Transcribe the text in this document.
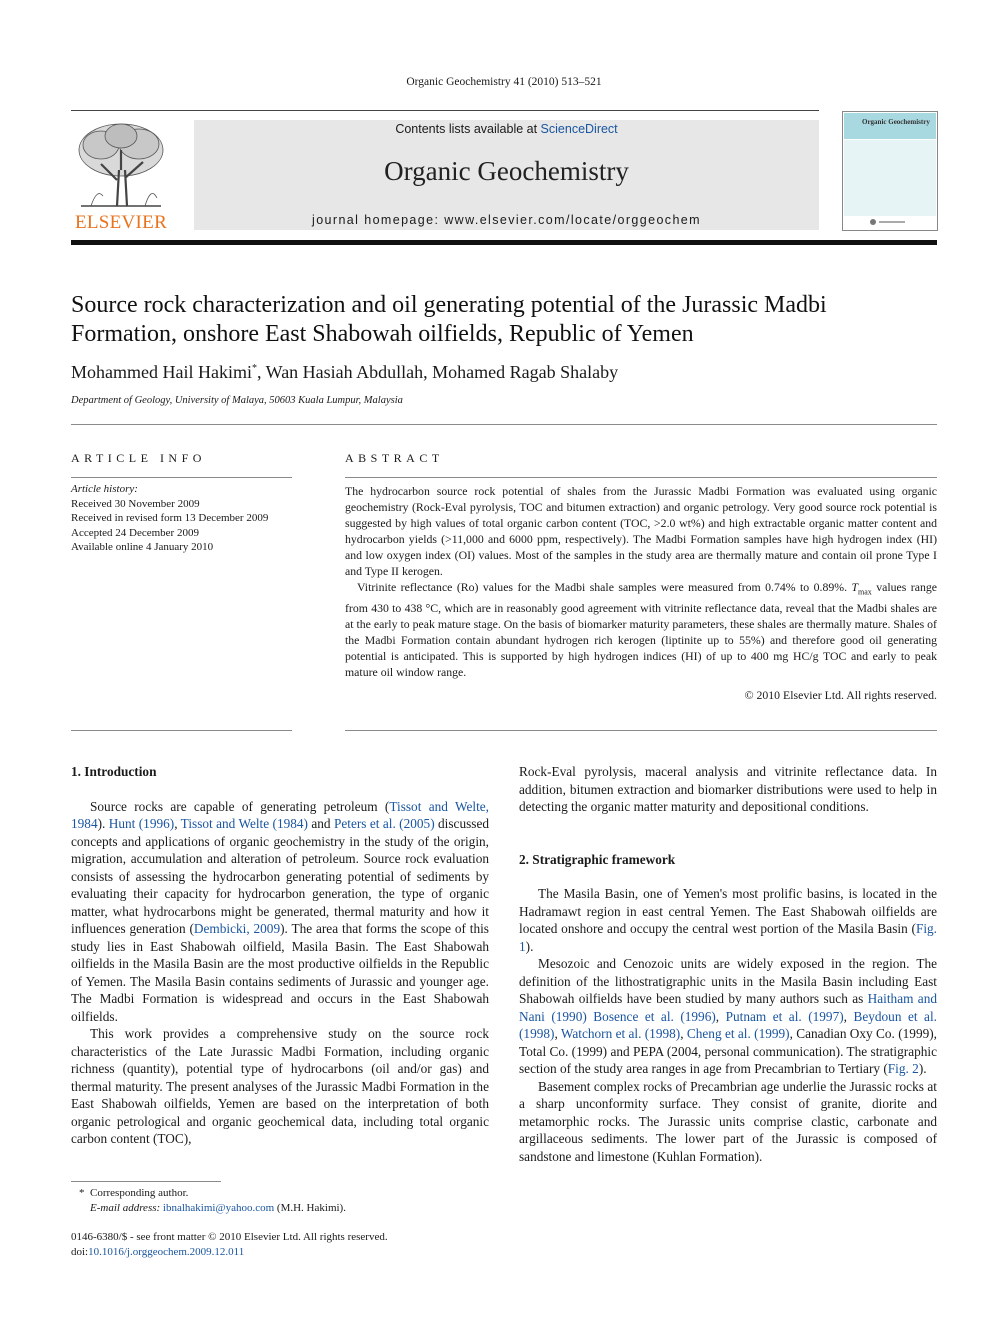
Organic Geochemistry 41 (2010) 513–521
ELSEVIER
Contents lists available at ScienceDirect
Organic Geochemistry
journal homepage: www.elsevier.com/locate/orggeochem
Organic Geochemistry
Source rock characterization and oil generating potential of the Jurassic Madbi Formation, onshore East Shabowah oilfields, Republic of Yemen
Mohammed Hail Hakimi*, Wan Hasiah Abdullah, Mohamed Ragab Shalaby
Department of Geology, University of Malaya, 50603 Kuala Lumpur, Malaysia
ARTICLE INFO
Article history:
Received 30 November 2009
Received in revised form 13 December 2009
Accepted 24 December 2009
Available online 4 January 2010
ABSTRACT

The hydrocarbon source rock potential of shales from the Jurassic Madbi Formation was evaluated using organic geochemistry (Rock-Eval pyrolysis, TOC and bitumen extraction) and organic petrology. Very good source rock potential is suggested by high values of total organic carbon content (TOC, >2.0 wt%) and high extractable organic matter content and hydrocarbon yields (>11,000 and 6000 ppm, respectively). The Madbi Formation samples have high hydrogen index (HI) and low oxygen index (OI) values. Most of the samples in the study area are thermally mature and contain oil prone Type I and Type II kerogen.

Vitrinite reflectance (Ro) values for the Madbi shale samples were measured from 0.74% to 0.89%. $T_{max}$ values range from 430 to 438 °C, which are in reasonably good agreement with vitrinite reflectance data, reveal that the Madbi shales are at the early to peak mature stage. On the basis of biomarker maturity parameters, these shales are thermally mature. Shales of the Madbi Formation contain abundant hydrogen rich kerogen (liptinite up to 55%) and therefore good oil generating potential is anticipated. This is supported by high hydrogen indices (HI) of up to 400 mg HC/g TOC and early to peak mature oil window range.

© 2010 Elsevier Ltd. All rights reserved.
1. Introduction

Source rocks are capable of generating petroleum (Tissot and Welte, 1984). Hunt (1996), Tissot and Welte (1984) and Peters et al. (2005) discussed concepts and applications of organic geochemistry in the study of the origin, migration, accumulation and alteration of petroleum. Source rock evaluation consists of assessing the hydrocarbon generating potential of sediments by evaluating their capacity for hydrocarbon generation, the type of organic matter, what hydrocarbons might be generated, thermal maturity and how it influences generation (Dembicki, 2009). The area that forms the scope of this study lies in East Shabowah oilfield, Masila Basin. The East Shabowah oilfields in the Masila Basin are the most productive oilfields in the Republic of Yemen. The Masila Basin contains sediments of Jurassic and younger age. The Madbi Formation is widespread and occurs in the East Shabowah oilfields.

This work provides a comprehensive study on the source rock characteristics of the Late Jurassic Madbi Formation, including organic richness (quantity), potential type of hydrocarbons (oil and/or gas) and thermal maturity. The present analyses of the Jurassic Madbi Formation in the East Shabowah oilfields, Yemen are based on the interpretation of both organic petrological and organic geochemical data, including total organic carbon content (TOC),

* Corresponding author.
E-mail address: ibnalhakimi@yahoo.com (M.H. Hakimi).
0146-6380/$ - see front matter © 2010 Elsevier Ltd. All rights reserved.
doi:10.1016/j.orggeochem.2009.12.011

Rock-Eval pyrolysis, maceral analysis and vitrinite reflectance data. In addition, bitumen extraction and biomarker distributions were used to help in detecting the organic matter maturity and depositional conditions.

2. Stratigraphic framework

The Masila Basin, one of Yemen's most prolific basins, is located in the Hadramawt region in east central Yemen. The East Shabowah oilfields are located onshore and occupy the central west portion of the Masila Basin (Fig. 1).

Mesozoic and Cenozoic units are widely exposed in the region. The definition of the lithostratigraphic units in the Masila Basin including East Shabowah oilfields have been studied by many authors such as Haitham and Nani (1990) Bosence et al. (1996), Putnam et al. (1997), Beydoun et al. (1998), Watchorn et al. (1998), Cheng et al. (1999), Canadian Oxy Co. (1999), Total Co. (1999) and PEPA (2004, personal communication). The stratigraphic section of the study area ranges in age from Precambrian to Tertiary (Fig. 2).

Basement complex rocks of Precambrian age underlie the Jurassic rocks at a sharp unconformity surface. They consist of granite, diorite and metamorphic rocks. The Jurassic units comprise clastic, carbonate and argillaceous sediments. The lower part of the Jurassic is composed of sandstone and limestone (Kuhlan Formation).
